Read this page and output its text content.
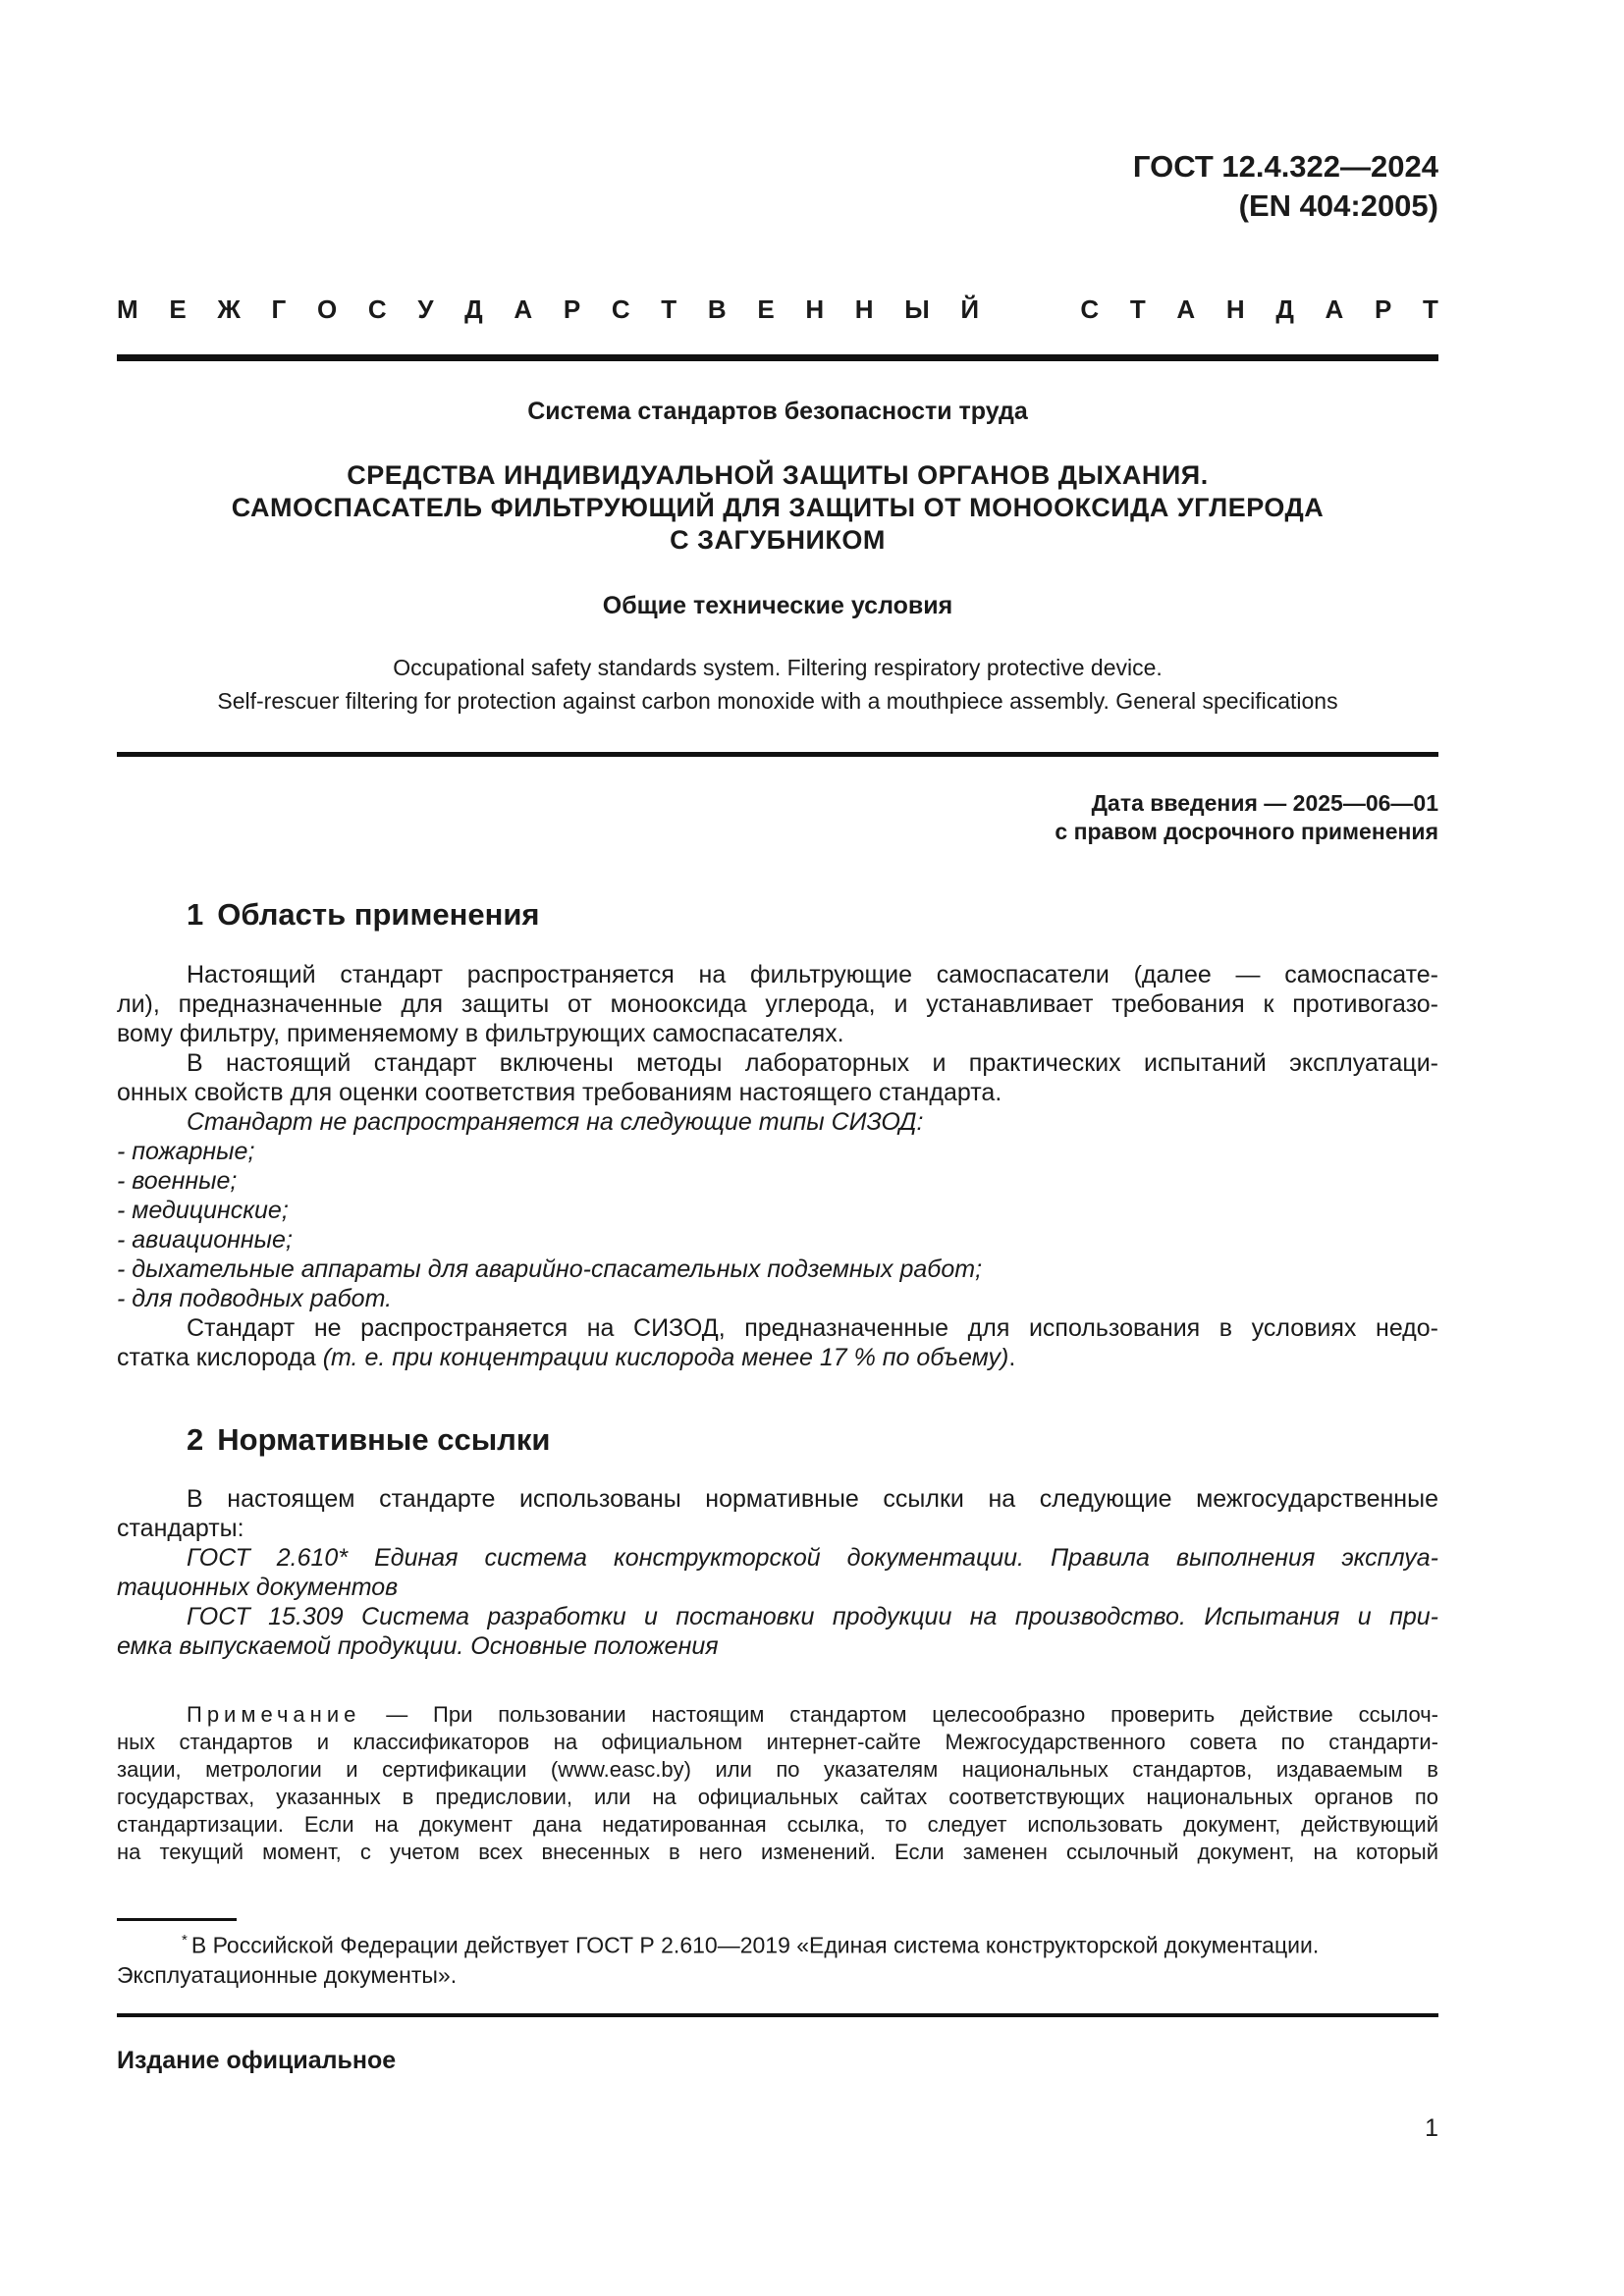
ГОСТ 12.4.322—2024
(EN 404:2005)
М Е Ж Г О С У Д А Р С Т В Е Н Н Ы Й	С Т А Н Д А Р Т
Система стандартов безопасности труда
СРЕДСТВА ИНДИВИДУАЛЬНОЙ ЗАЩИТЫ ОРГАНОВ ДЫХАНИЯ.
САМОСПАСАТЕЛЬ ФИЛЬТРУЮЩИЙ ДЛЯ ЗАЩИТЫ ОТ МОНООКСИДА УГЛЕРОДА
С ЗАГУБНИКОМ
Общие технические условия
Occupational safety standards system. Filtering respiratory protective device.
Self-rescuer filtering for protection against carbon monoxide with a mouthpiece assembly. General specifications
Дата введения — 2025—06—01
с правом досрочного применения
1 Область применения
Настоящий стандарт распространяется на фильтрующие самоспасатели (далее — самоспасате-
ли), предназначенные для защиты от монооксида углерода, и устанавливает требования к противогазо-
вому фильтру, применяемому в фильтрующих самоспасателях.
В настоящий стандарт включены методы лабораторных и практических испытаний эксплуатаци-
онных свойств для оценки соответствия требованиям настоящего стандарта.
Стандарт не распространяется на следующие типы СИЗОД:
- пожарные;
- военные;
- медицинские;
- авиационные;
- дыхательные аппараты для аварийно-спасательных подземных работ;
- для подводных работ.
Стандарт не распространяется на СИЗОД, предназначенные для использования в условиях недо-
статка кислорода (т. е. при концентрации кислорода менее 17 % по объему).
2 Нормативные ссылки
В настоящем стандарте использованы нормативные ссылки на следующие межгосударственные
стандарты:
ГОСТ 2.610* Единая система конструкторской документации. Правила выполнения эксплуа-
тационных документов
ГОСТ 15.309 Система разработки и постановки продукции на производство. Испытания и при-
емка выпускаемой продукции. Основные положения
Примечание — При пользовании настоящим стандартом целесообразно проверить действие ссылоч-
ных стандартов и классификаторов на официальном интернет-сайте Межгосударственного совета по стандарти-
зации, метрологии и сертификации (www.easc.by) или по указателям национальных стандартов, издаваемым в
государствах, указанных в предисловии, или на официальных сайтах соответствующих национальных органов по
стандартизации. Если на документ дана недатированная ссылка, то следует использовать документ, действующий
на текущий момент, с учетом всех внесенных в него изменений. Если заменен ссылочный документ, на который
* В Российской Федерации действует ГОСТ Р 2.610—2019 «Единая система конструкторской документации.
Эксплуатационные документы».
Издание официальное
1
